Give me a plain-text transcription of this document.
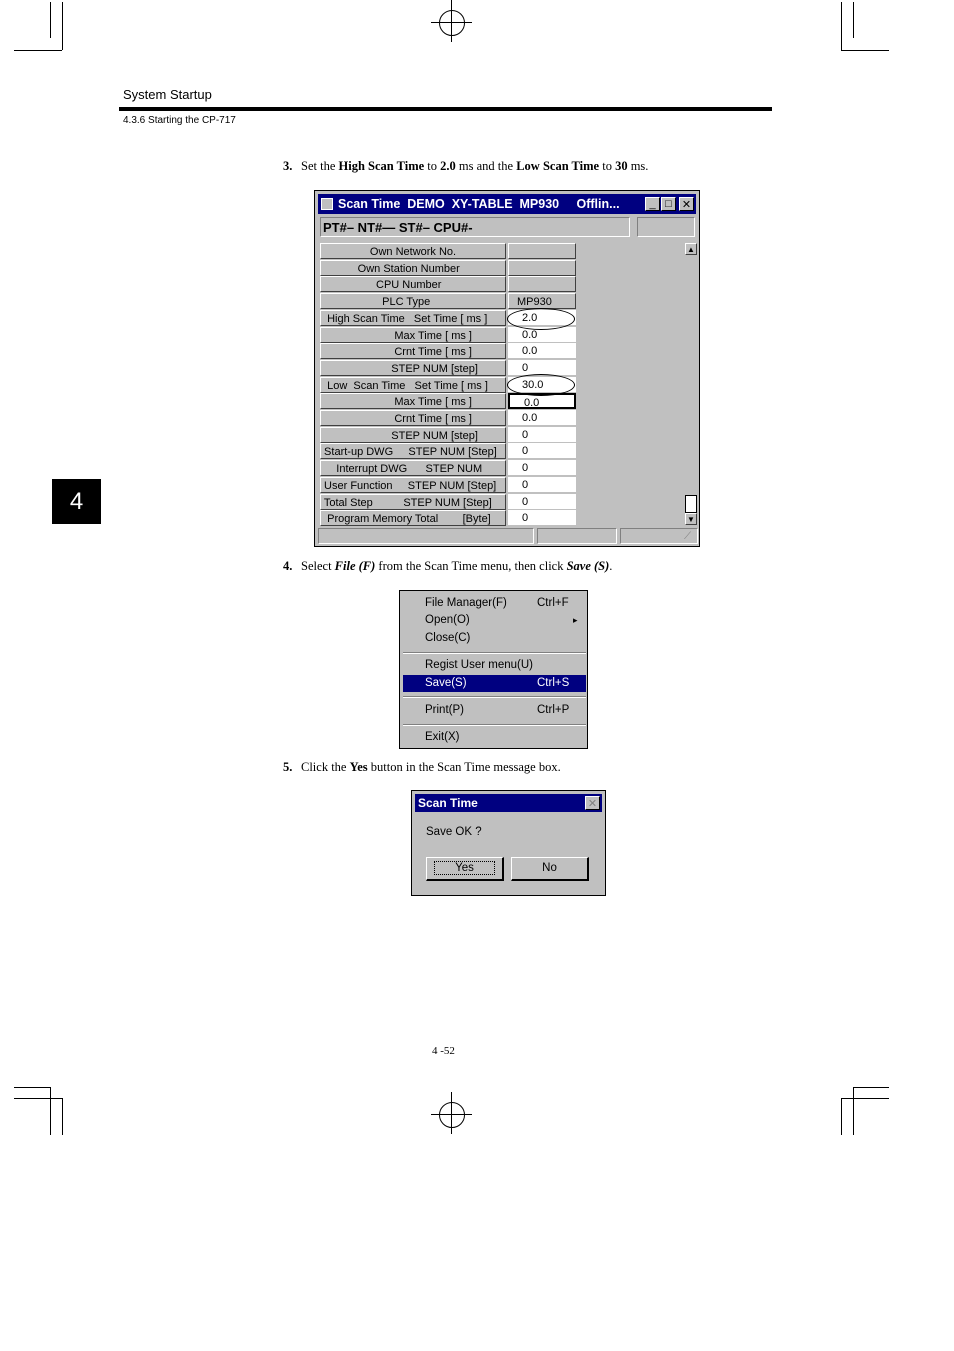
System Startup
4.3.6 Starting the CP-717
4
3. Set the High Scan Time to 2.0 ms and the Low Scan Time to 30 ms.
4. Select File (F) from the Scan Time menu, then click Save (S).
5. Click the Yes button in the Scan Time message box.
Scan Time  DEMO  XY-TABLE  MP930     Offlin...	_ □ ✕
PT#– NT#— ST#– CPU#-
Own Network No.
Own Station Number
CPU Number
PLC Type	MP930
High Scan Time   Set Time [ ms ]	2.0
Max Time [ ms ]	0.0
Crnt Time [ ms ]	0.0
STEP NUM [step]	0
Low  Scan Time   Set Time [ ms ]	30.0
Max Time [ ms ]	0.0
Crnt Time [ ms ]	0.0
STEP NUM [step]	0
Start-up DWG     STEP NUM [Step]	0
Interrupt DWG      STEP NUM	0
User Function     STEP NUM [Step]	0
Total Step          STEP NUM [Step]	0
Program Memory Total        [Byte]	0
▲
▼
⟋
File Manager(F)	Ctrl+F
Open(O)	▸
Close(C)
Regist User menu(U)
Save(S)	Ctrl+S
Print(P)	Ctrl+P
Exit(X)
Scan Time	✕
Save OK ?
Yes	No
4 -52
